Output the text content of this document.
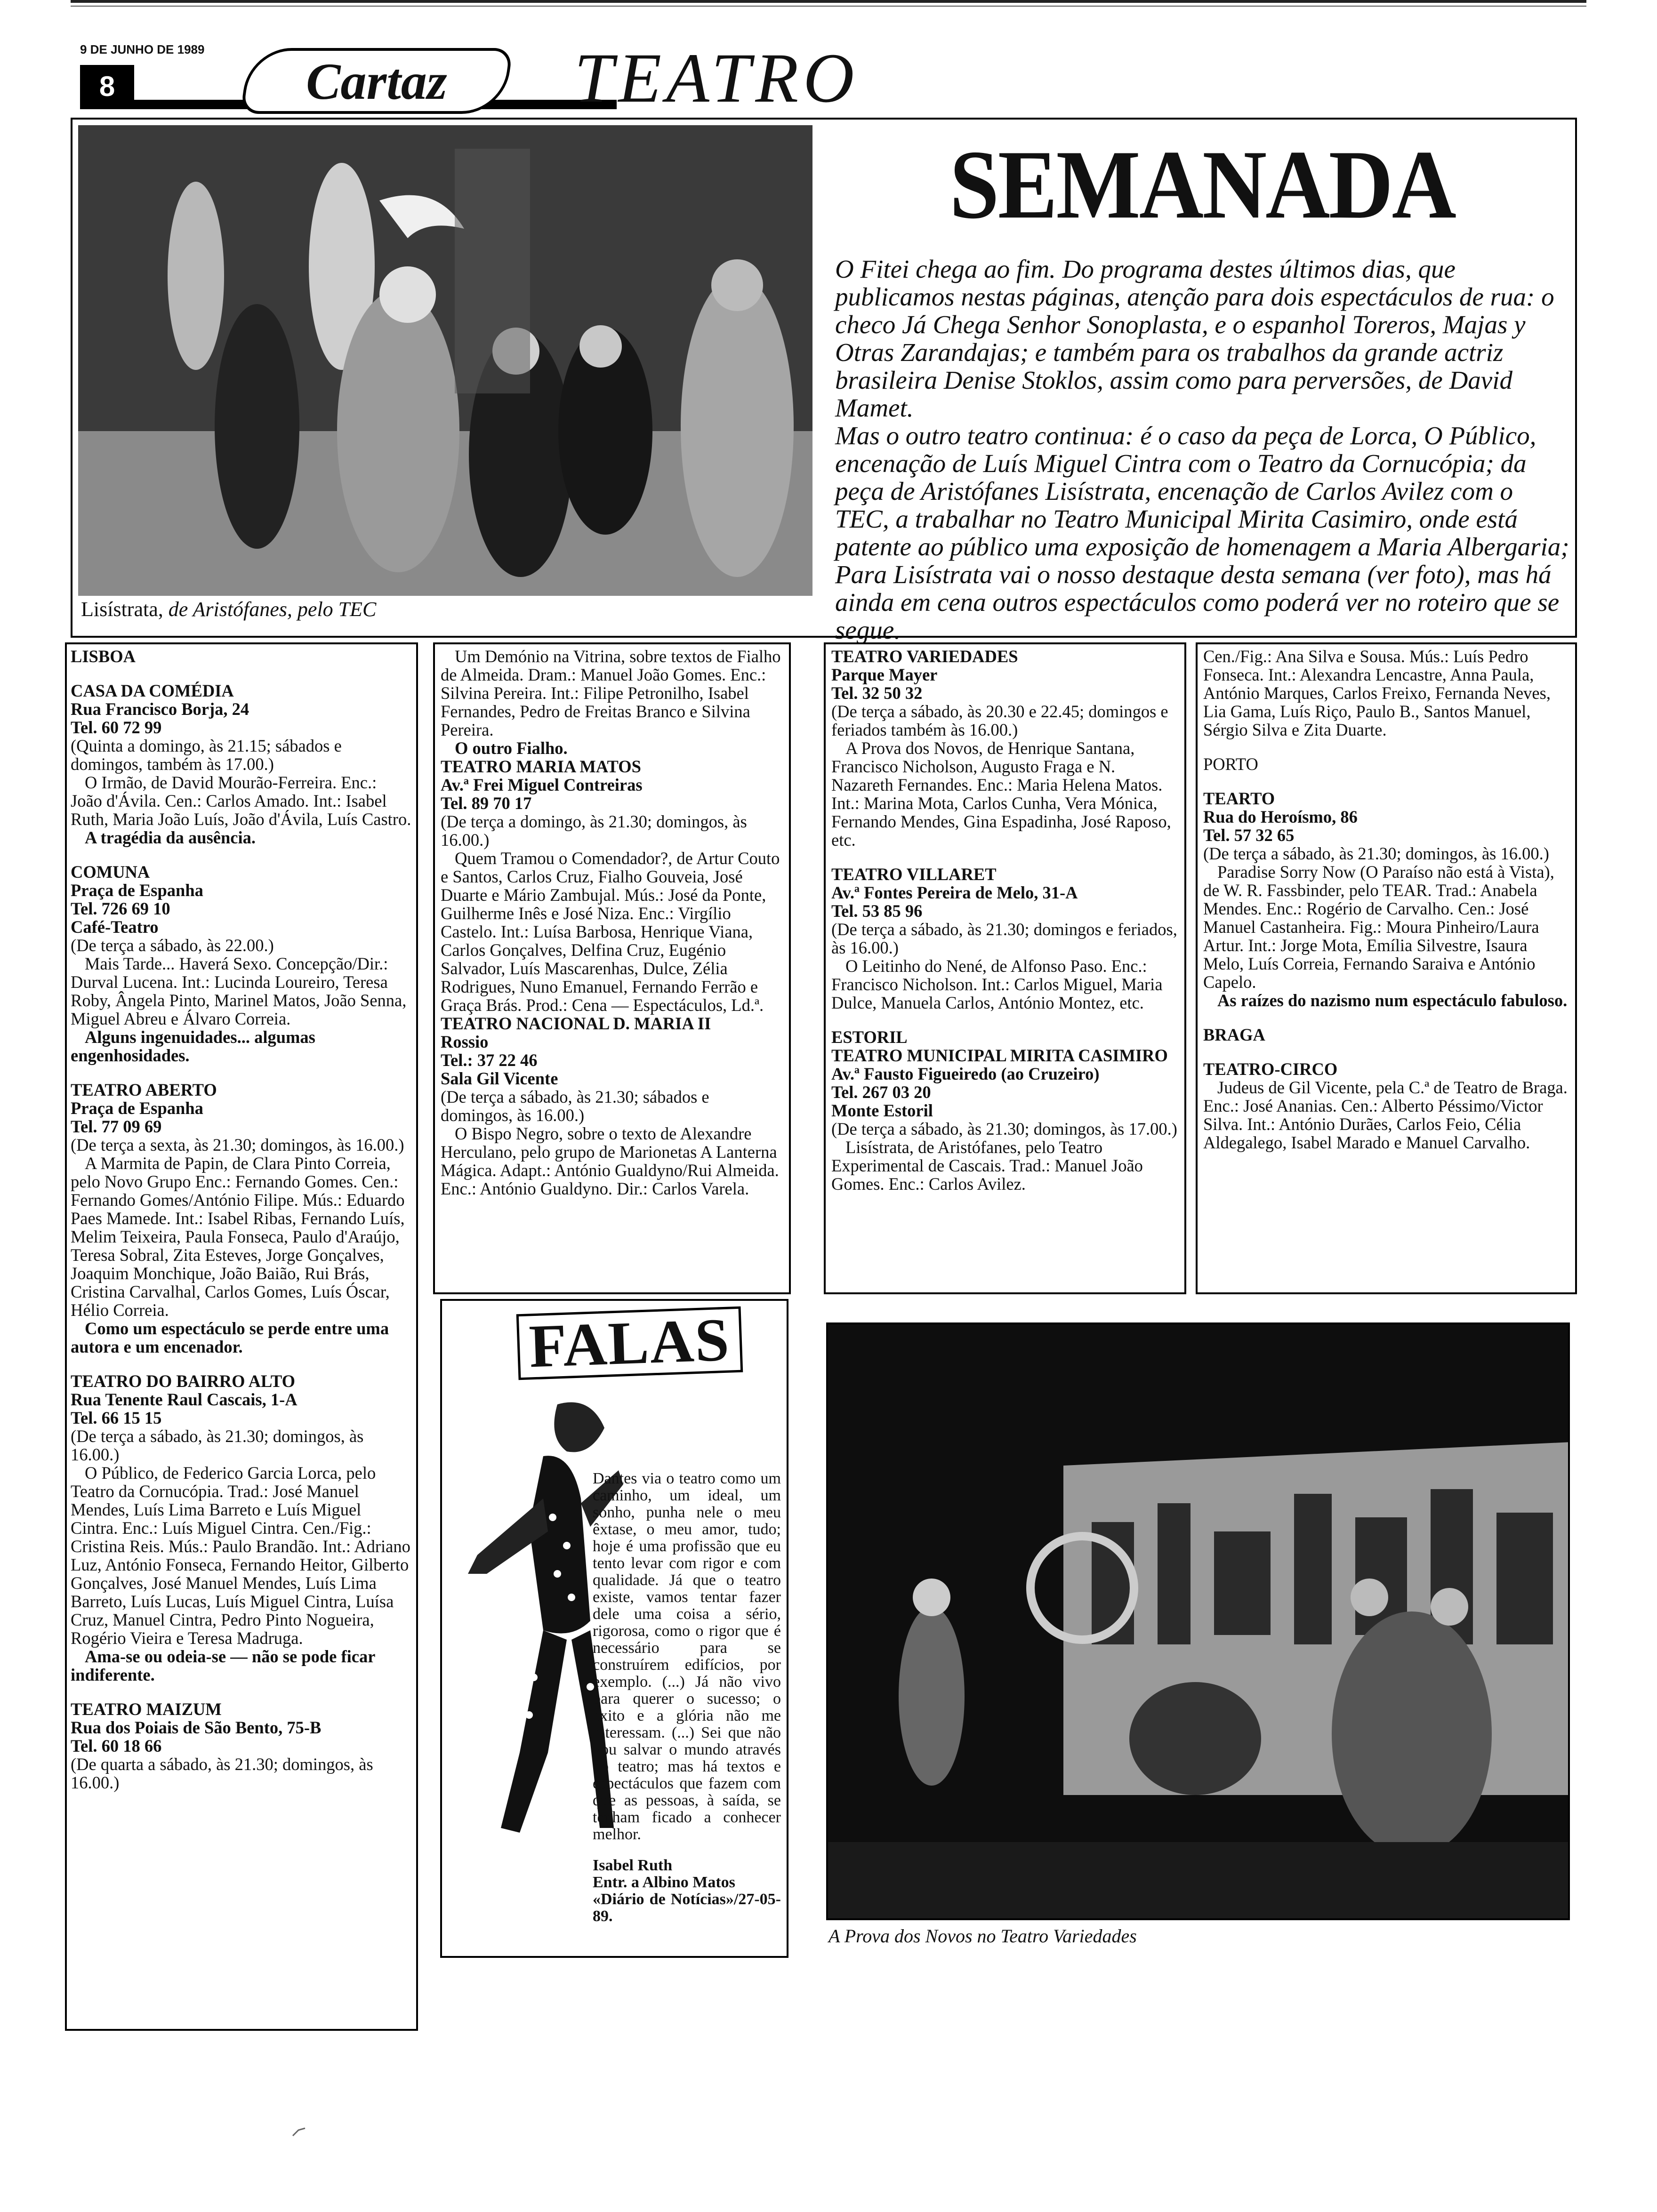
9 DE JUNHO DE 1989
8	Cartaz	TEATRO
Lisístrata, de Aristófanes, pelo TEC
SEMANADA

O Fitei chega ao fim. Do programa destes últimos dias, que publicamos nestas páginas, atenção para dois espectáculos de rua: o checo Já Chega Senhor Sonoplasta, e o espanhol Toreros, Majas y Otras Zarandajas; e também para os trabalhos da grande actriz brasileira Denise Stoklos, assim como para perversões, de David Mamet.

Mas o outro teatro continua: é o caso da peça de Lorca, O Público, encenação de Luís Miguel Cintra com o Teatro da Cornucópia; da peça de Aristófanes Lisístrata, encenação de Carlos Avilez com o TEC, a trabalhar no Teatro Municipal Mirita Casimiro, onde está patente ao público uma exposição de homenagem a Maria Albergaria; Para Lisístrata vai o nosso destaque desta semana (ver foto), mas há ainda em cena outros espectáculos como poderá ver no roteiro que se segue.

LISBOA

CASA DA COMÉDIA

Rua Francisco Borja, 24

Tel. 60 72 99

(Quinta a domingo, às 21.15; sábados e domingos, também às 17.00.)

O Irmão, de David Mourão-Ferreira. Enc.: João d'Ávila. Cen.: Carlos Amado. Int.: Isabel Ruth, Maria João Luís, João d'Ávila, Luís Castro.

A tragédia da ausência.

COMUNA

Praça de Espanha

Tel. 726 69 10

Café-Teatro

(De terça a sábado, às 22.00.)

Mais Tarde... Haverá Sexo. Concepção/Dir.: Durval Lucena. Int.: Lucinda Loureiro, Teresa Roby, Ângela Pinto, Marinel Matos, João Senna, Miguel Abreu e Álvaro Correia.

Alguns ingenuidades... algumas engenhosidades.

TEATRO ABERTO

Praça de Espanha

Tel. 77 09 69

(De terça a sexta, às 21.30; domingos, às 16.00.)

A Marmita de Papin, de Clara Pinto Correia, pelo Novo Grupo Enc.: Fernando Gomes. Cen.: Fernando Gomes/António Filipe. Mús.: Eduardo Paes Mamede. Int.: Isabel Ribas, Fernando Luís, Melim Teixeira, Paula Fonseca, Paulo d'Araújo, Teresa Sobral, Zita Esteves, Jorge Gonçalves, Joaquim Monchique, João Baião, Rui Brás, Cristina Carvalhal, Carlos Gomes, Luís Óscar, Hélio Correia.

Como um espectáculo se perde entre uma autora e um encenador.

TEATRO DO BAIRRO ALTO

Rua Tenente Raul Cascais, 1-A

Tel. 66 15 15

(De terça a sábado, às 21.30; domingos, às 16.00.)

O Público, de Federico Garcia Lorca, pelo Teatro da Cornucópia. Trad.: José Manuel Mendes, Luís Lima Barreto e Luís Miguel Cintra. Enc.: Luís Miguel Cintra. Cen./Fig.: Cristina Reis. Mús.: Paulo Brandão. Int.: Adriano Luz, António Fonseca, Fernando Heitor, Gilberto Gonçalves, José Manuel Mendes, Luís Lima Barreto, Luís Lucas, Luís Miguel Cintra, Luísa Cruz, Manuel Cintra, Pedro Pinto Nogueira, Rogério Vieira e Teresa Madruga.

Ama-se ou odeia-se — não se pode ficar indiferente.

TEATRO MAIZUM

Rua dos Poiais de São Bento, 75-B

Tel. 60 18 66

(De quarta a sábado, às 21.30; domingos, às 16.00.)

Um Demónio na Vitrina, sobre textos de Fialho de Almeida. Dram.: Manuel João Gomes. Enc.: Silvina Pereira. Int.: Filipe Petronilho, Isabel Fernandes, Pedro de Freitas Branco e Silvina Pereira.

O outro Fialho.

TEATRO MARIA MATOS

Av.ª Frei Miguel Contreiras

Tel. 89 70 17

(De terça a domingo, às 21.30; domingos, às 16.00.)

Quem Tramou o Comendador?, de Artur Couto e Santos, Carlos Cruz, Fialho Gouveia, José Duarte e Mário Zambujal. Mús.: José da Ponte, Guilherme Inês e José Niza. Enc.: Virgílio Castelo. Int.: Luísa Barbosa, Henrique Viana, Carlos Gonçalves, Delfina Cruz, Eugénio Salvador, Luís Mascarenhas, Dulce, Zélia Rodrigues, Nuno Emanuel, Fernando Ferrão e Graça Brás. Prod.: Cena — Espectáculos, Ld.ª.

TEATRO NACIONAL D. MARIA II

Rossio

Tel.: 37 22 46

Sala Gil Vicente

(De terça a sábado, às 21.30; sábados e domingos, às 16.00.)

O Bispo Negro, sobre o texto de Alexandre Herculano, pelo grupo de Marionetas A Lanterna Mágica. Adapt.: António Gualdyno/Rui Almeida. Enc.: António Gualdyno. Dir.: Carlos Varela.

TEATRO VARIEDADES

Parque Mayer

Tel. 32 50 32

(De terça a sábado, às 20.30 e 22.45; domingos e feriados também às 16.00.)

A Prova dos Novos, de Henrique Santana, Francisco Nicholson, Augusto Fraga e N. Nazareth Fernandes. Enc.: Maria Helena Matos. Int.: Marina Mota, Carlos Cunha, Vera Mónica, Fernando Mendes, Gina Espadinha, José Raposo, etc.

TEATRO VILLARET

Av.ª Fontes Pereira de Melo, 31-A

Tel. 53 85 96

(De terça a sábado, às 21.30; domingos e feriados, às 16.00.)

O Leitinho do Nené, de Alfonso Paso. Enc.: Francisco Nicholson. Int.: Carlos Miguel, Maria Dulce, Manuela Carlos, António Montez, etc.

ESTORIL

TEATRO MUNICIPAL MIRITA CASIMIRO

Av.ª Fausto Figueiredo (ao Cruzeiro)

Tel. 267 03 20

Monte Estoril

(De terça a sábado, às 21.30; domingos, às 17.00.)

Lisístrata, de Aristófanes, pelo Teatro Experimental de Cascais. Trad.: Manuel João Gomes. Enc.: Carlos Avilez.

Cen./Fig.: Ana Silva e Sousa. Mús.: Luís Pedro Fonseca. Int.: Alexandra Lencastre, Anna Paula, António Marques, Carlos Freixo, Fernanda Neves, Lia Gama, Luís Riço, Paulo B., Santos Manuel, Sérgio Silva e Zita Duarte.

PORTO

TEARTO

Rua do Heroísmo, 86

Tel. 57 32 65

(De terça a sábado, às 21.30; domingos, às 16.00.)

Paradise Sorry Now (O Paraíso não está à Vista), de W. R. Fassbinder, pelo TEAR. Trad.: Anabela Mendes. Enc.: Rogério de Carvalho. Cen.: José Manuel Castanheira. Fig.: Moura Pinheiro/Laura Artur. Int.: Jorge Mota, Emília Silvestre, Isaura Melo, Luís Correia, Fernando Saraiva e António Capelo.

As raízes do nazismo num espectáculo fabuloso.

BRAGA

TEATRO-CIRCO

Judeus de Gil Vicente, pela C.ª de Teatro de Braga. Enc.: José Ananias. Cen.: Alberto Péssimo/Victor Silva. Int.: António Durães, Carlos Feio, Célia Aldegalego, Isabel Marado e Manuel Carvalho.

FALAS

Dantes via o teatro como um caminho, um ideal, um sonho, punha nele o meu êxtase, o meu amor, tudo; hoje é uma profissão que eu tento levar com rigor e com qualidade. Já que o teatro existe, vamos tentar fazer dele uma coisa a sério, rigorosa, como o rigor que é necessário para se construírem edifícios, por exemplo. (...) Já não vivo para querer o sucesso; o êxito e a glória não me interessam. (...) Sei que não vou salvar o mundo através do teatro; mas há textos e espectáculos que fazem com que as pessoas, à saída, se tenham ficado a conhecer melhor.

Isabel Ruth

Entr. a Albino Matos

«Diário de Notícias»/27-05-89.

A Prova dos Novos no Teatro Variedades
